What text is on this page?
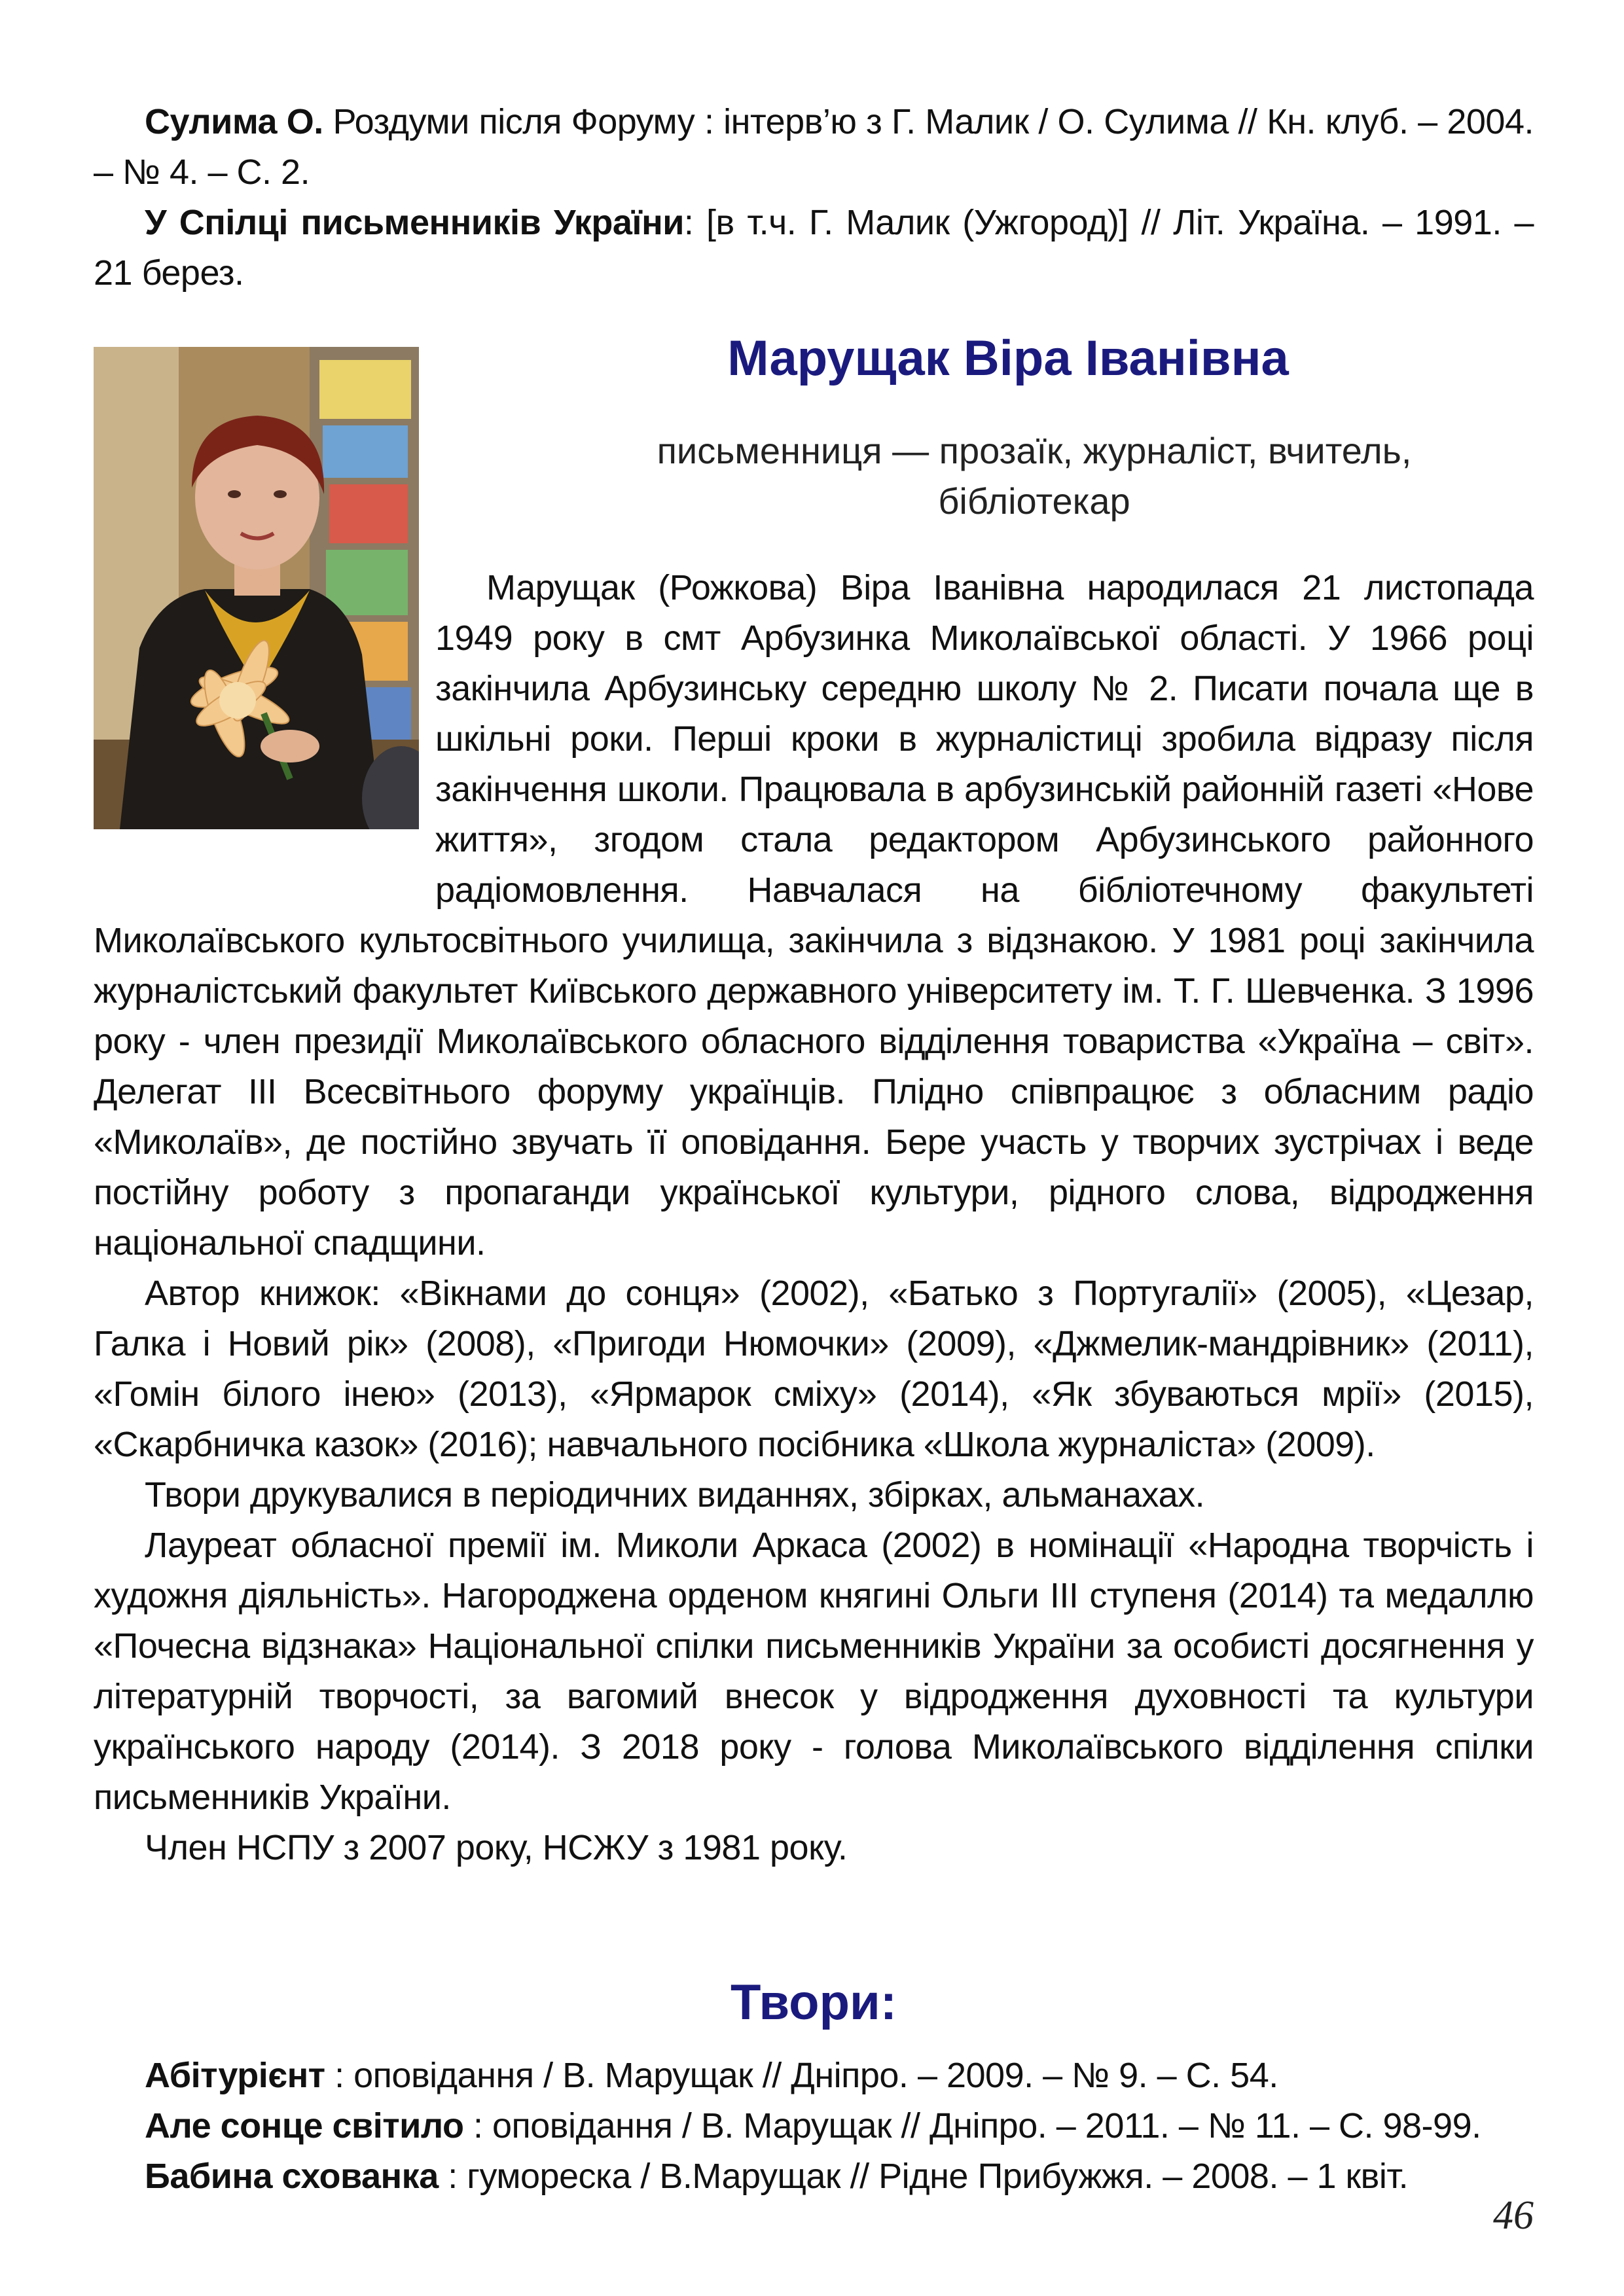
Сулима О. Роздуми після Форуму : інтерв’ю з Г. Малик / О. Сулима // Кн. клуб. – 2004. – № 4. – С. 2.

У Спілці письменників України: [в т.ч. Г. Малик (Ужгород)] // Літ. Україна. – 1991. – 21 берез.

Марущак Віра Іванівна
письменниця — прозаїк, журналіст, вчитель,
бібліотекар

Марущак (Рожкова) Віра Іванівна народилася 21 листопада 1949 року в смт Арбузинка Миколаївської області. У 1966 році закінчила Арбузинську середню школу № 2. Писати почала ще в шкільні роки. Перші кроки в журналістиці зробила відразу після закінчення школи. Працювала в арбузинській районній газеті «Нове життя», згодом стала редактором Арбузинського районного радіомовлення. Навчалася на бібліотечному факультеті Миколаївського культосвітнього училища, закінчила з відзнакою. У 1981 році закінчила журналістський факультет Київського державного університету ім. Т. Г. Шевченка. З 1996 року - член президії Миколаївського обласного відділення товариства «Україна – світ». Делегат ІІІ Всесвітнього форуму українців. Плідно співпрацює з обласним радіо «Миколаїв», де постійно звучать її оповідання. Бере участь у творчих зустрічах і веде постійну роботу з пропаганди української культури, рідного слова, відродження національної спадщини.

Автор книжок: «Вікнами до сонця» (2002), «Батько з Португалії» (2005), «Цезар, Галка і Новий рік» (2008), «Пригоди Нюмочки» (2009), «Джмелик-мандрівник» (2011), «Гомін білого інею» (2013), «Ярмарок сміху» (2014), «Як збуваються мрії» (2015), «Скарбничка казок» (2016); навчального посібника «Школа журналіста» (2009).

Твори друкувалися в періодичних виданнях, збірках, альманахах.

Лауреат обласної премії ім. Миколи Аркаса (2002) в номінації «Народна творчість і художня діяльність». Нагороджена орденом княгині Ольги ІІІ ступеня (2014) та медаллю «Почесна відзнака» Національної спілки письменників України за особисті досягнення у літературній творчості, за вагомий внесок у відродження духовності та культури українського народу (2014). З 2018 року - голова Миколаївського відділення спілки письменників України.

Член НСПУ з 2007 року, НСЖУ з 1981 року.

Твори:

Абітурієнт : оповідання / В. Марущак // Дніпро. – 2009. – № 9. – С. 54.

Але сонце світило : оповідання / В. Марущак // Дніпро. – 2011. – № 11. – С. 98-99.

Бабина схованка : гумореска / В.Марущак // Рідне Прибужжя. – 2008. – 1 квіт.

46
